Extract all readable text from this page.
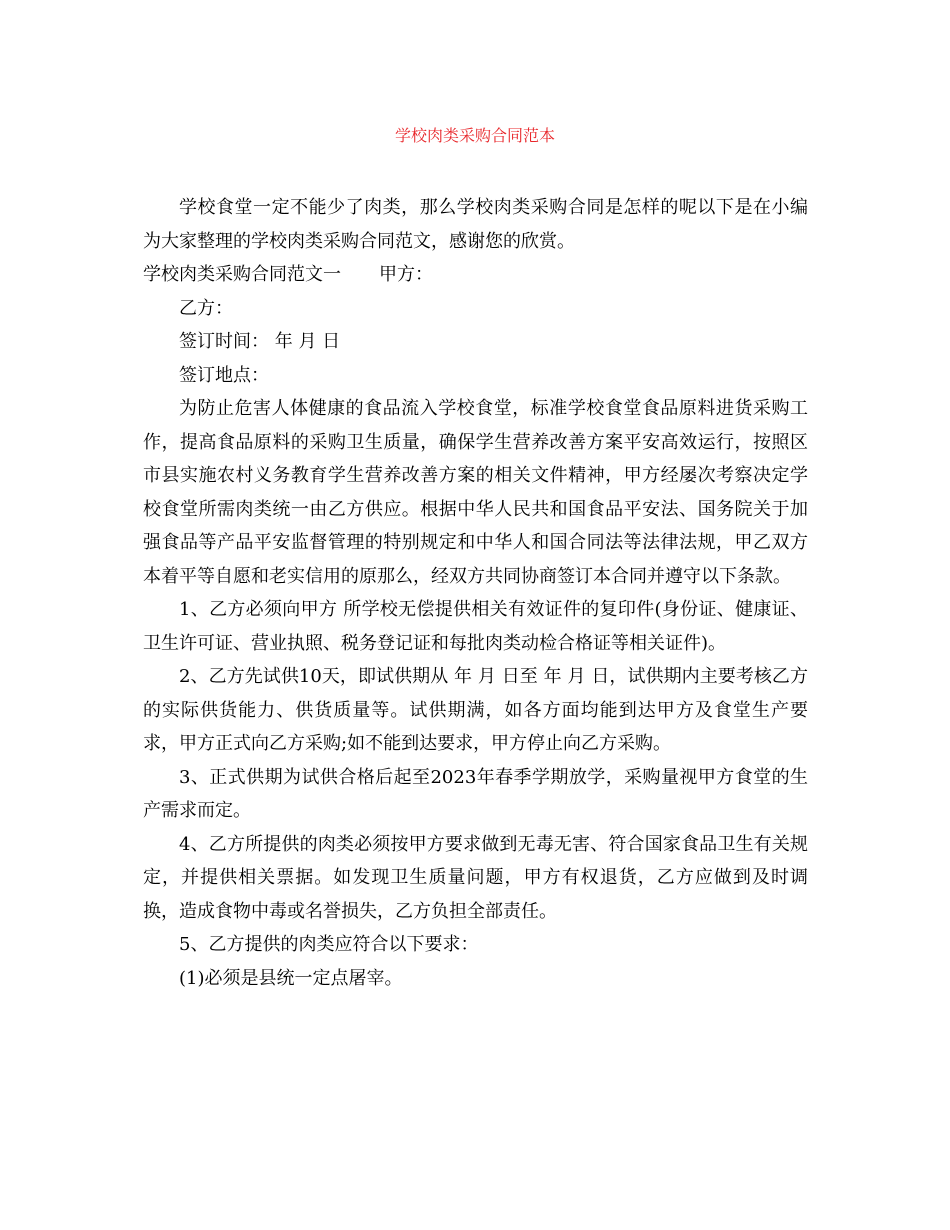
学校肉类采购合同范本

学校食堂一定不能少了肉类，那么学校肉类采购合同是怎样的呢以下是在小编为大家整理的学校肉类采购合同范文，感谢您的欣赏。

学校肉类采购合同范文一 甲方：

乙方：

签订时间： 年 月 日

签订地点：

为防止危害人体健康的食品流入学校食堂，标准学校食堂食品原料进货采购工作，提高食品原料的采购卫生质量，确保学生营养改善方案平安高效运行，按照区市县实施农村义务教育学生营养改善方案的相关文件精神，甲方经屡次考察决定学校食堂所需肉类统一由乙方供应。根据中华人民共和国食品平安法、国务院关于加强食品等产品平安监督管理的特别规定和中华人和国合同法等法律法规，甲乙双方本着平等自愿和老实信用的原那么，经双方共同协商签订本合同并遵守以下条款。

1、乙方必须向甲方 所学校无偿提供相关有效证件的复印件(身份证、健康证、卫生许可证、营业执照、税务登记证和每批肉类动检合格证等相关证件)。

2、乙方先试供10天，即试供期从 年 月 日至 年 月 日，试供期内主要考核乙方的实际供货能力、供货质量等。试供期满，如各方面均能到达甲方及食堂生产要求，甲方正式向乙方采购;如不能到达要求，甲方停止向乙方采购。

3、正式供期为试供合格后起至2023年春季学期放学，采购量视甲方食堂的生产需求而定。

4、乙方所提供的肉类必须按甲方要求做到无毒无害、符合国家食品卫生有关规定，并提供相关票据。如发现卫生质量问题，甲方有权退货，乙方应做到及时调换，造成食物中毒或名誉损失，乙方负担全部责任。

5、乙方提供的肉类应符合以下要求：

(1)必须是县统一定点屠宰。
